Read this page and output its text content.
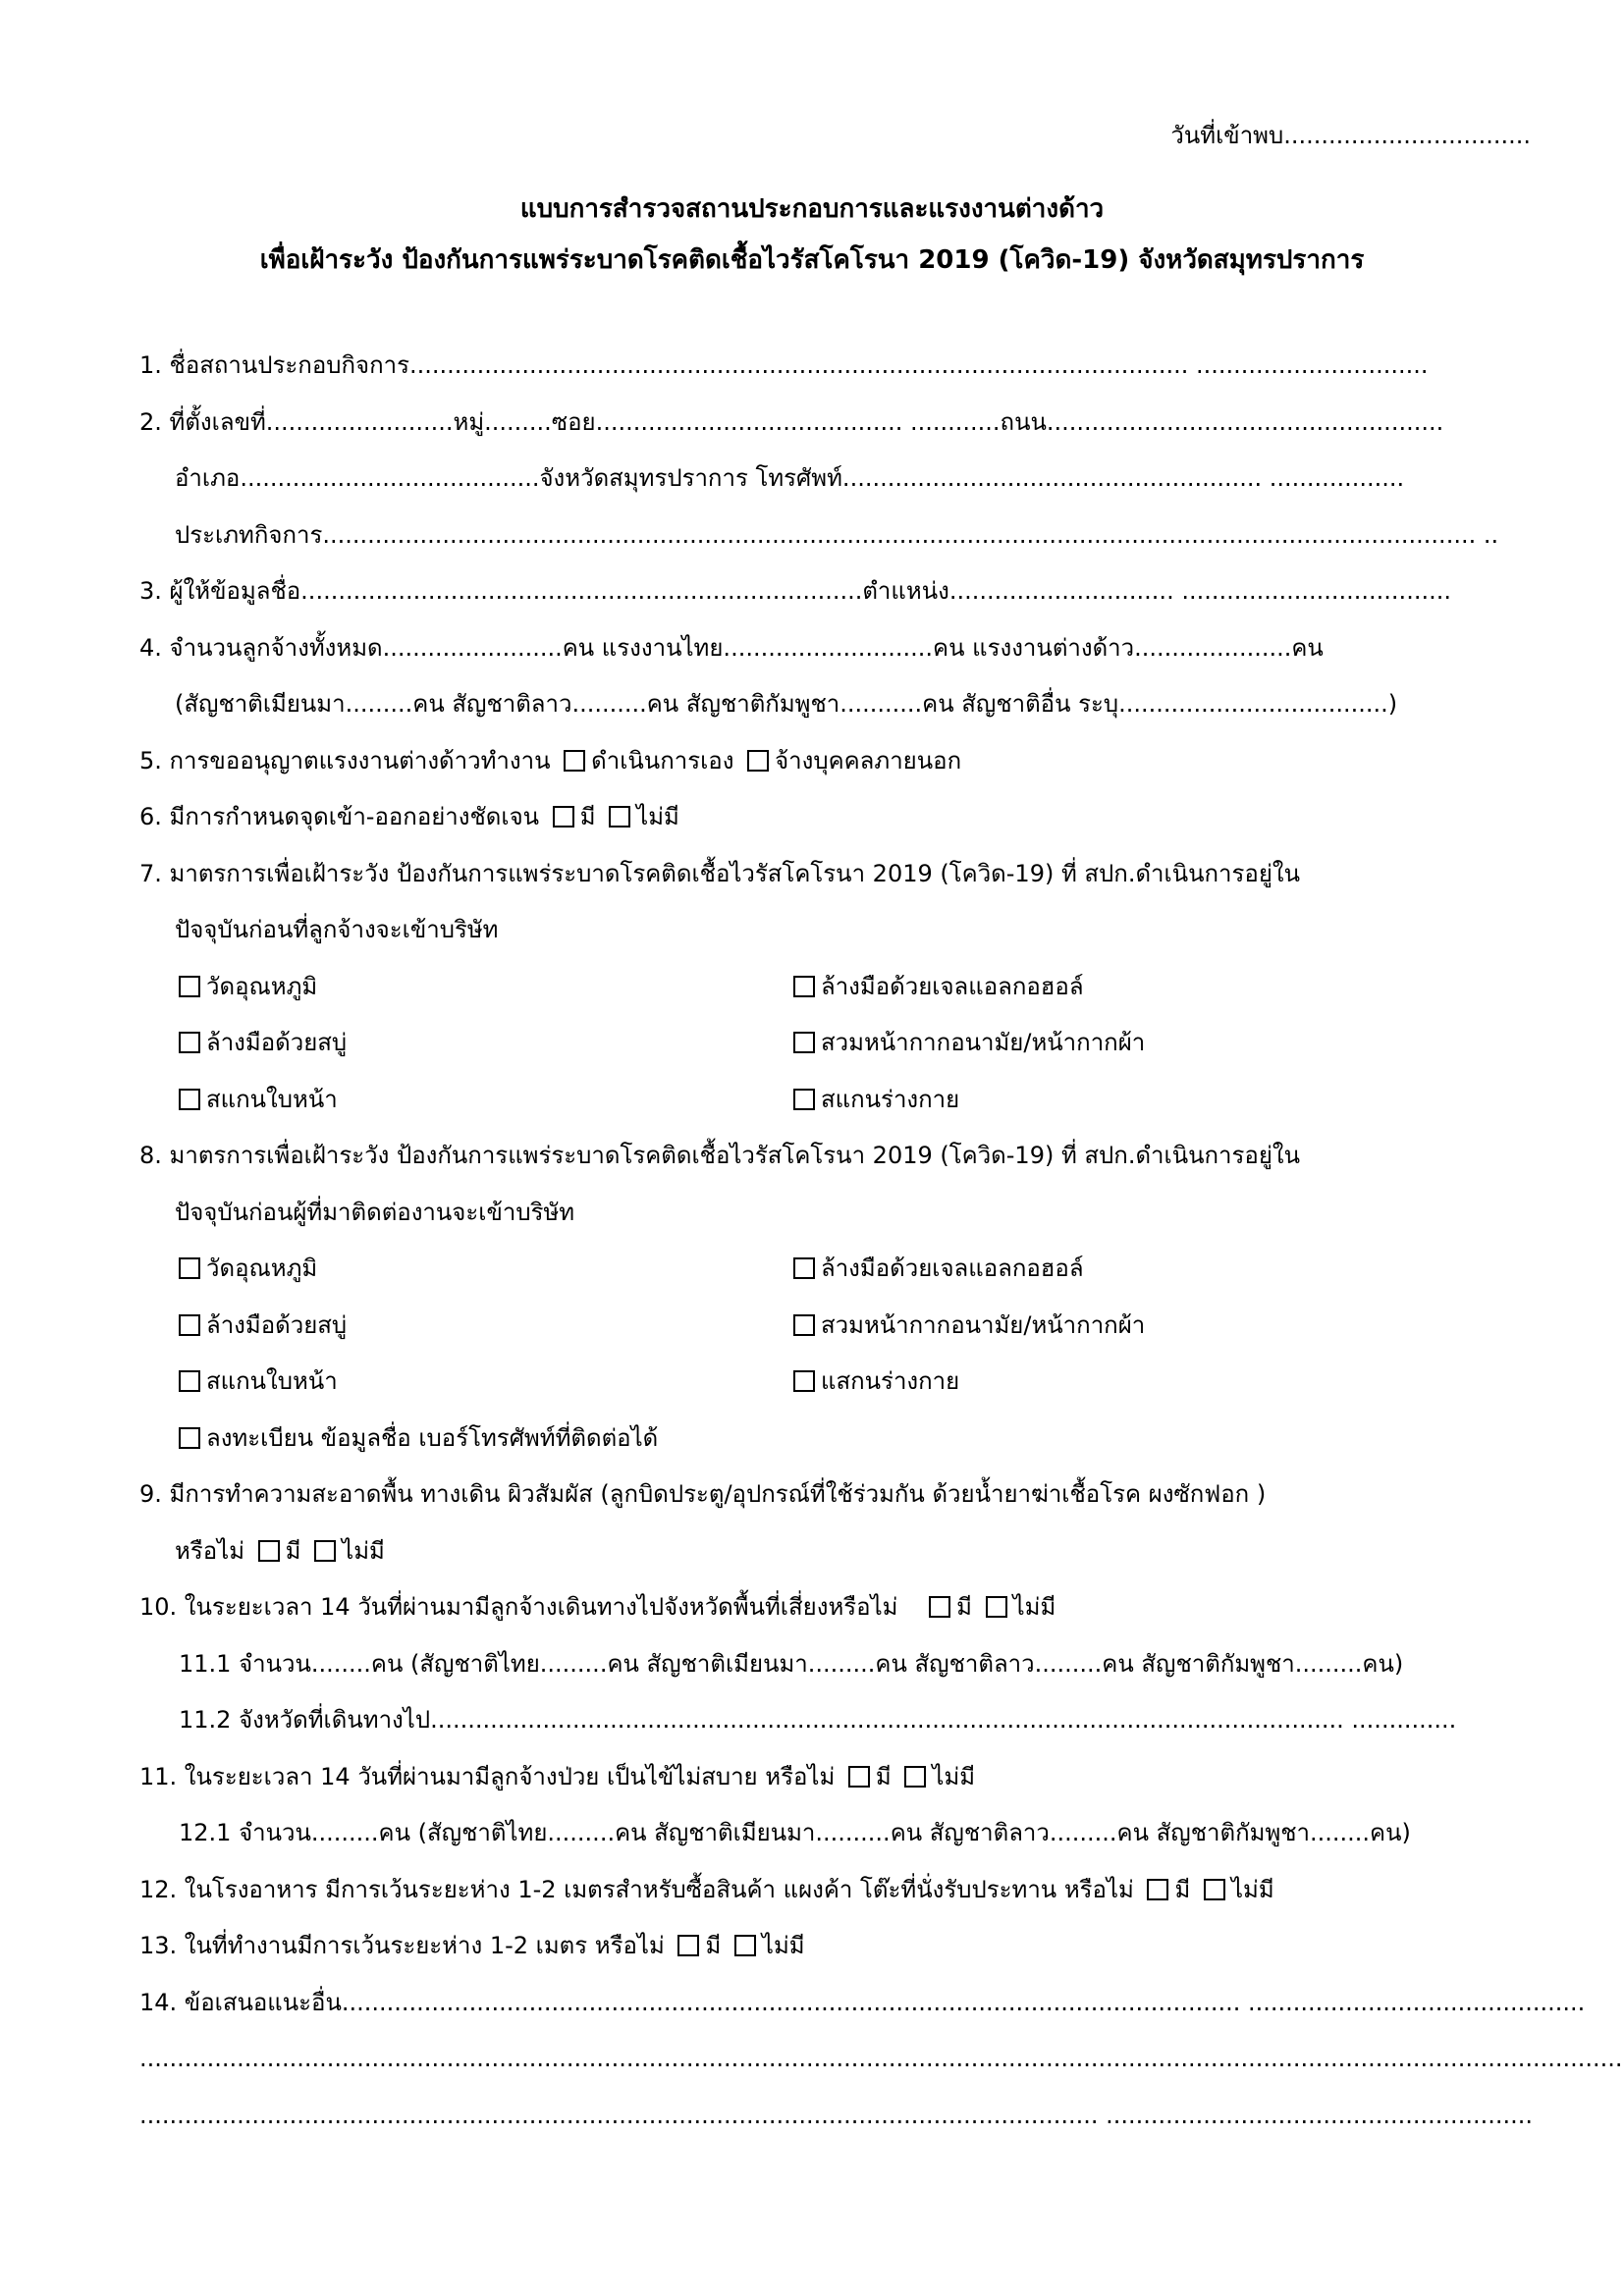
วันที่เข้าพบ.................................
แบบการสำรวจสถานประกอบการและแรงงานต่างด้าว
เพื่อเฝ้าระวัง ป้องกันการแพร่ระบาดโรคติดเชื้อไวรัสโคโรนา 2019 (โควิด-19) จังหวัดสมุทรปราการ
1. ชื่อสถานประกอบกิจการ........................................................................................................ ...............................
2. ที่ตั้งเลขที่.........................หมู่.........ซอย......................................... ............ถนน.....................................................
อำเภอ........................................จังหวัดสมุทรปราการ โทรศัพท์........................................................ ..................
ประเภทกิจการ.......................................................................................................................................................... ..
3. ผู้ให้ข้อมูลชื่อ...........................................................................ตำแหน่ง.............................. ....................................
4. จำนวนลูกจ้างทั้งหมด........................คน แรงงานไทย............................คน แรงงานต่างด้าว.....................คน
(สัญชาติเมียนมา.........คน สัญชาติลาว..........คน สัญชาติกัมพูชา...........คน สัญชาติอื่น ระบุ....................................)
5. การขออนุญาตแรงงานต่างด้าวทำงาน ดำเนินการเอง จ้างบุคคลภายนอก
6. มีการกำหนดจุดเข้า-ออกอย่างชัดเจน มี ไม่มี
7. มาตรการเพื่อเฝ้าระวัง ป้องกันการแพร่ระบาดโรคติดเชื้อไวรัสโคโรนา 2019 (โควิด-19) ที่ สปก.ดำเนินการอยู่ใน
ปัจจุบันก่อนที่ลูกจ้างจะเข้าบริษัท
วัดอุณหภูมิ	ล้างมือด้วยเจลแอลกอฮอล์
ล้างมือด้วยสบู่	สวมหน้ากากอนามัย/หน้ากากผ้า
สแกนใบหน้า	สแกนร่างกาย
8. มาตรการเพื่อเฝ้าระวัง ป้องกันการแพร่ระบาดโรคติดเชื้อไวรัสโคโรนา 2019 (โควิด-19) ที่ สปก.ดำเนินการอยู่ใน
ปัจจุบันก่อนผู้ที่มาติดต่องานจะเข้าบริษัท
วัดอุณหภูมิ	ล้างมือด้วยเจลแอลกอฮอล์
ล้างมือด้วยสบู่	สวมหน้ากากอนามัย/หน้ากากผ้า
สแกนใบหน้า	แสกนร่างกาย
ลงทะเบียน ข้อมูลชื่อ เบอร์โทรศัพท์ที่ติดต่อได้
9. มีการทำความสะอาดพื้น ทางเดิน ผิวสัมผัส (ลูกบิดประตู/อุปกรณ์ที่ใช้ร่วมกัน ด้วยน้ำยาฆ่าเชื้อโรค ผงซักฟอก )
หรือไม่ มี ไม่มี
10. ในระยะเวลา 14 วันที่ผ่านมามีลูกจ้างเดินทางไปจังหวัดพื้นที่เสี่ยงหรือไม่ มี ไม่มี
11.1 จำนวน........คน (สัญชาติไทย.........คน สัญชาติเมียนมา.........คน สัญชาติลาว.........คน สัญชาติกัมพูชา.........คน)
11.2 จังหวัดที่เดินทางไป.......................................................................................................................... ..............
11. ในระยะเวลา 14 วันที่ผ่านมามีลูกจ้างป่วย เป็นไข้ไม่สบาย หรือไม่ มี ไม่มี
12.1 จำนวน.........คน (สัญชาติไทย.........คน สัญชาติเมียนมา..........คน สัญชาติลาว.........คน สัญชาติกัมพูชา........คน)
12. ในโรงอาหาร มีการเว้นระยะห่าง 1-2 เมตรสำหรับซื้อสินค้า แผงค้า โต๊ะที่นั่งรับประทาน หรือไม่ มี ไม่มี
13. ในที่ทำงานมีการเว้นระยะห่าง 1-2 เมตร หรือไม่ มี ไม่มี
14. ข้อเสนอแนะอื่น........................................................................................................................ .............................................
......................................................................................................................................................................................................
................................................................................................................................ .........................................................
